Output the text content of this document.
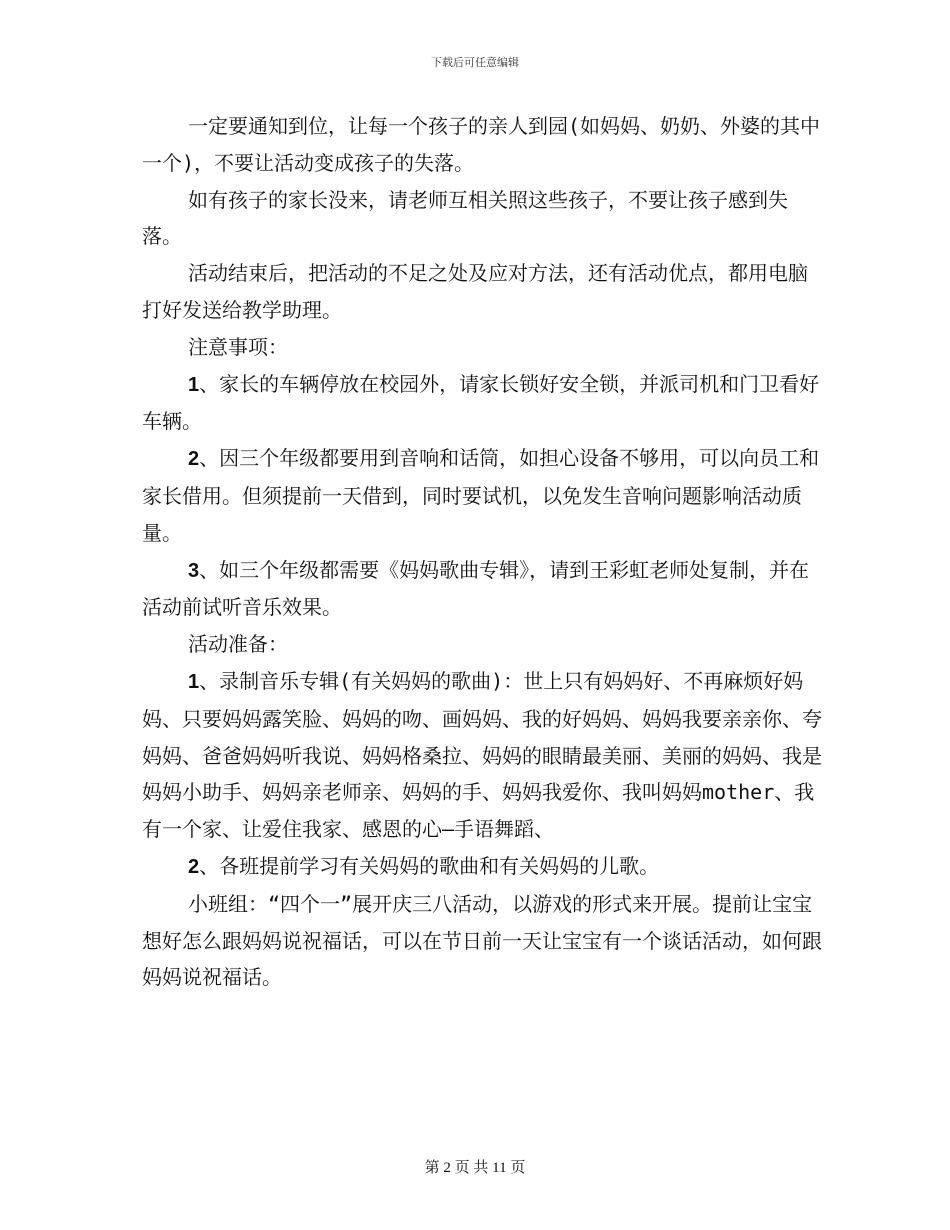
下载后可任意编辑

一定要通知到位，让每一个孩子的亲人到园(如妈妈、奶奶、外婆的其中一个)，不要让活动变成孩子的失落。

如有孩子的家长没来，请老师互相关照这些孩子，不要让孩子感到失落。

活动结束后，把活动的不足之处及应对方法，还有活动优点，都用电脑打好发送给教学助理。

注意事项：

1、家长的车辆停放在校园外，请家长锁好安全锁，并派司机和门卫看好车辆。

2、因三个年级都要用到音响和话筒，如担心设备不够用，可以向员工和家长借用。但须提前一天借到，同时要试机，以免发生音响问题影响活动质量。

3、如三个年级都需要《妈妈歌曲专辑》，请到王彩虹老师处复制，并在活动前试听音乐效果。

活动准备：

1、录制音乐专辑(有关妈妈的歌曲)：世上只有妈妈好、不再麻烦好妈妈、只要妈妈露笑脸、妈妈的吻、画妈妈、我的好妈妈、妈妈我要亲亲你、夸妈妈、爸爸妈妈听我说、妈妈格桑拉、妈妈的眼睛最美丽、美丽的妈妈、我是妈妈小助手、妈妈亲老师亲、妈妈的手、妈妈我爱你、我叫妈妈mother、我有一个家、让爱住我家、感恩的心—手语舞蹈、

2、各班提前学习有关妈妈的歌曲和有关妈妈的儿歌。

小班组：“四个一”展开庆三八活动，以游戏的形式来开展。提前让宝宝想好怎么跟妈妈说祝福话，可以在节日前一天让宝宝有一个谈话活动，如何跟妈妈说祝福话。

第 2 页 共 11 页
